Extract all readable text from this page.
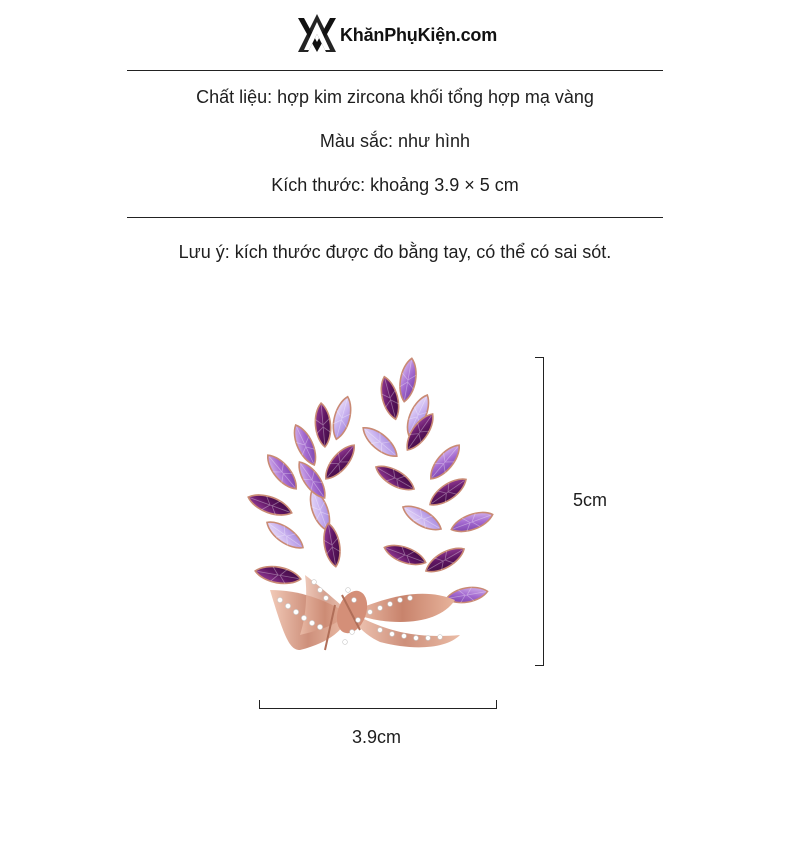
KhănPhụKiện.com
Chất liệu: hợp kim zircona khối tổng hợp mạ vàng
Màu sắc: như hình
Kích thước: khoảng 3.9 × 5 cm
Lưu ý: kích thước được đo bằng tay, có thể có sai sót.
5cm
3.9cm
